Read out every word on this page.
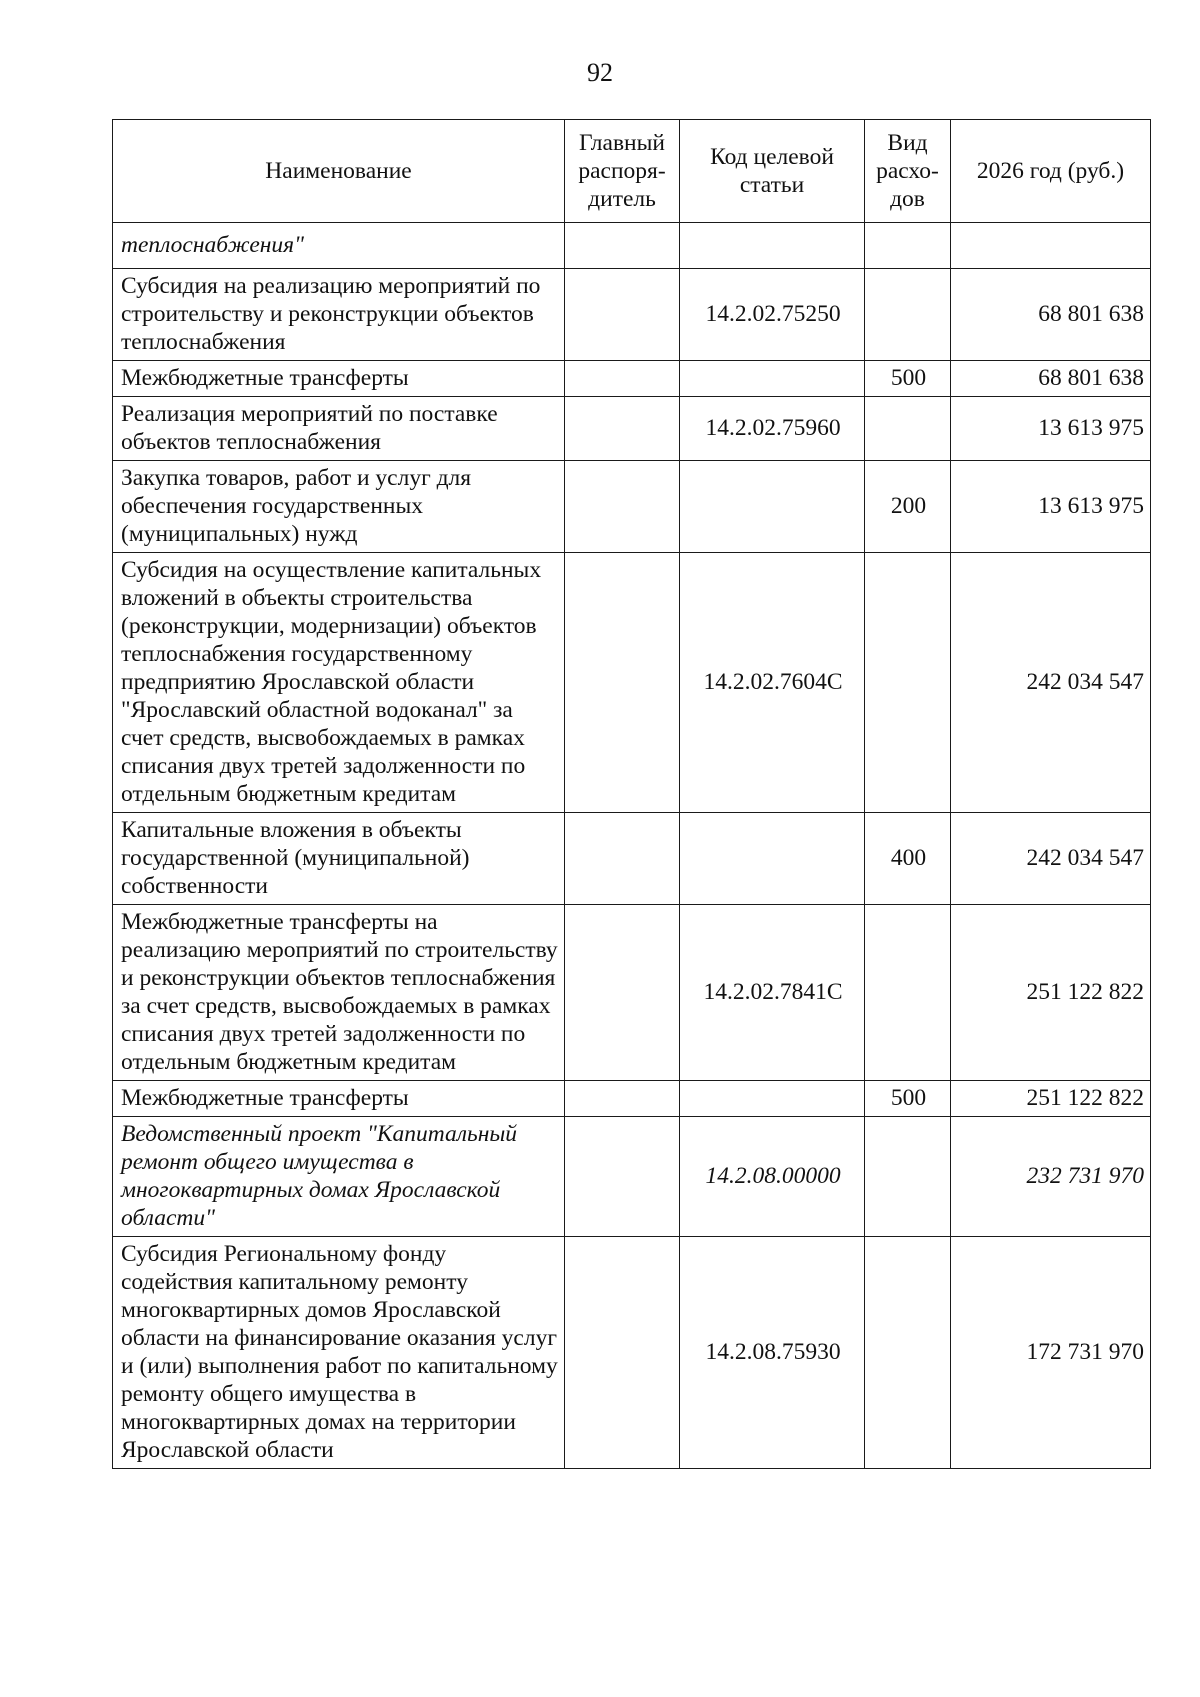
92
Наименование	Главный распоря-дитель	Код целевой статьи	Вид расхо-дов	2026 год (руб.)
теплоснабжения"				
Субсидия на реализацию мероприятий по строительству и реконструкции объектов теплоснабжения		14.2.02.75250		68 801 638
Межбюджетные трансферты			500	68 801 638
Реализация мероприятий по поставке объектов теплоснабжения		14.2.02.75960		13 613 975
Закупка товаров, работ и услуг для обеспечения государственных (муниципальных) нужд			200	13 613 975
Субсидия на осуществление капитальных вложений в объекты строительства (реконструкции, модернизации) объектов теплоснабжения государственному предприятию Ярославской области "Ярославский областной водоканал" за счет средств, высвобождаемых в рамках списания двух третей задолженности по отдельным бюджетным кредитам		14.2.02.7604С		242 034 547
Капитальные вложения в объекты государственной (муниципальной) собственности			400	242 034 547
Межбюджетные трансферты на реализацию мероприятий по строительству и реконструкции объектов теплоснабжения за счет средств, высвобождаемых в рамках списания двух третей задолженности по отдельным бюджетным кредитам		14.2.02.7841С		251 122 822
Межбюджетные трансферты			500	251 122 822
Ведомственный проект "Капитальный ремонт общего имущества в многоквартирных домах Ярославской области"		14.2.08.00000		232 731 970
Субсидия Региональному фонду содействия капитальному ремонту многоквартирных домов Ярославской области на финансирование оказания услуг и (или) выполнения работ по капитальному ремонту общего имущества в многоквартирных домах на территории Ярославской области		14.2.08.75930		172 731 970
